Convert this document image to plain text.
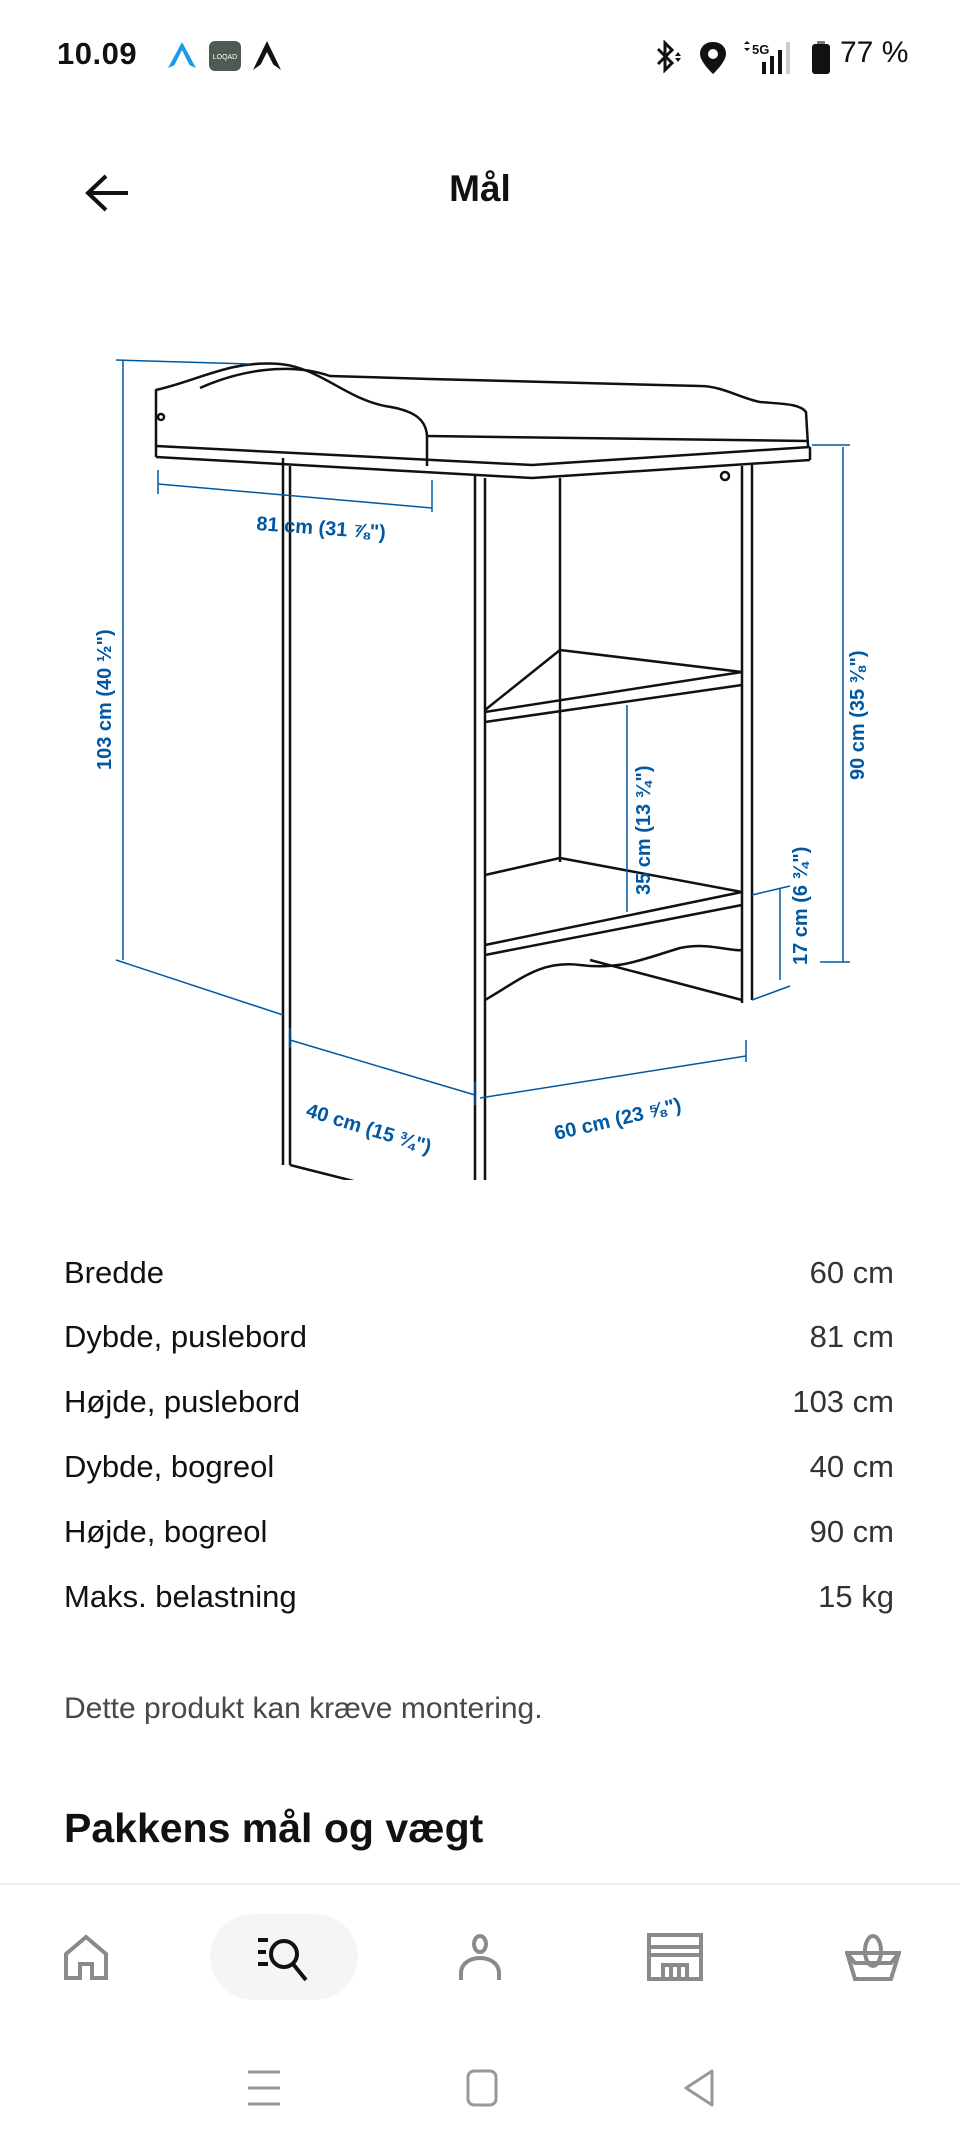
10.09	LOQAD
5G 77 %
Mål
103 cm (40 ½")
81 cm (31 ⅞")
90 cm (35 ⅜")
35 cm (13 ¾")
17 cm (6 ¾")
40 cm (15 ¾")	60 cm (23 ⅝")
Bredde	60 cm
Dybde, puslebord	81 cm
Højde, puslebord	103 cm
Dybde, bogreol	40 cm
Højde, bogreol	90 cm
Maks. belastning	15 kg
Dette produkt kan kræve montering.
Pakkens mål og vægt
